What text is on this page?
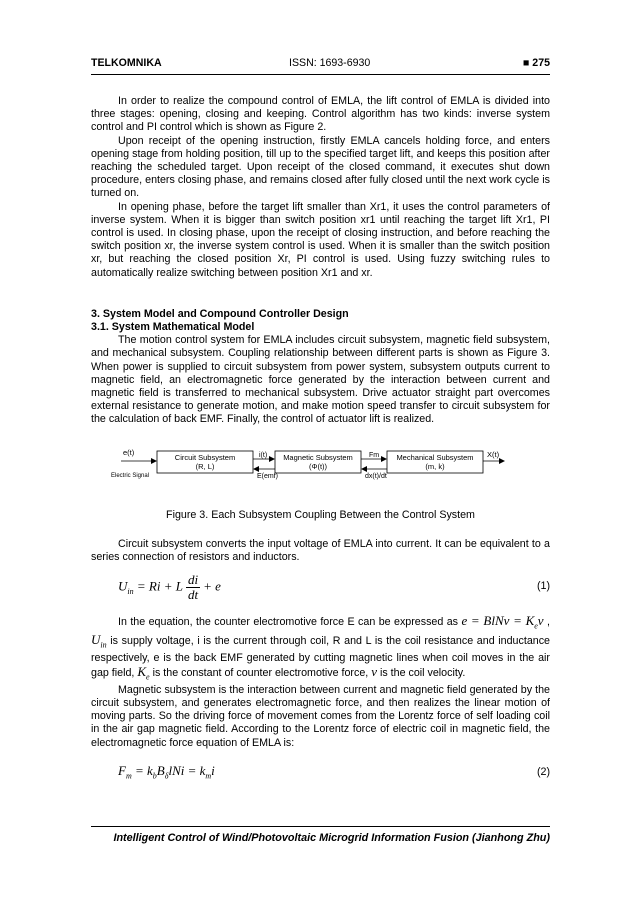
TELKOMNIKA	ISSN: 1693-6930	■ 275

In order to realize the compound control of EMLA, the lift control of EMLA is divided into three stages: opening, closing and keeping. Control algorithm has two kinds: inverse system control and PI control which is shown as Figure 2.

Upon receipt of the opening instruction, firstly EMLA cancels holding force, and enters opening stage from holding position, till up to the specified target lift, and keeps this position after reaching the scheduled target. Upon receipt of the closed command, it executes shut down procedure, enters closing phase, and remains closed after fully closed until the next work cycle is turned on.

In opening phase, before the target lift smaller than Xr1, it uses the control parameters of inverse system. When it is bigger than switch position xr1 until reaching the target lift Xr1, PI control is used. In closing phase, upon the receipt of closing instruction, and before reaching the switch position xr, the inverse system control is used. When it is smaller than the switch position xr, but reaching the closed position Xr, PI control is used. Using fuzzy switching rules to automatically realize switching between position Xr1 and xr.

3. System Model and Compound Controller Design

3.1. System Mathematical Model

The motion control system for EMLA includes circuit subsystem, magnetic field subsystem, and mechanical subsystem. Coupling relationship between different parts is shown as Figure 3. When power is supplied to circuit subsystem from power system, subsystem outputs current to magnetic field, an electromagnetic force generated by the interaction between current and magnetic field is transferred to mechanical subsystem. Drive actuator straight part overcomes external resistance to generate motion, and make motion speed transfer to circuit subsystem for the calculation of back EMF. Finally, the control of actuator lift is realized.

e(t)
Electric Signal
Circuit Subsystem
(R, L)
i(t)
E(emf)
Magnetic Subsystem
(Φ(t))
Fm
dx(t)/dt
Mechanical Subsystem
(m, k)
X(t)

Figure 3. Each Subsystem Coupling Between the Control System

Circuit subsystem converts the input voltage of EMLA into current. It can be equivalent to a series connection of resistors and inductors.

$U_{in} = Ri + L \frac{di}{dt} + e$	(1)

In the equation, the counter electromotive force E can be expressed as e = BlNv = $K_ev$ , $U_{in}$ is supply voltage, i is the current through coil, R and L is the coil resistance and inductance respectively, e is the back EMF generated by cutting magnetic lines when coil moves in the air gap field, $K_e$ is the constant of counter electromotive force, v is the coil velocity.

Magnetic subsystem is the interaction between current and magnetic field generated by the circuit subsystem, and generates electromagnetic force, and then realizes the linear motion of moving parts. So the driving force of movement comes from the Lorentz force of self loading coil in the air gap magnetic field. According to the Lorentz force of electric coil in magnetic field, the electromagnetic force equation of EMLA is:

$F_m = k_bB_\delta lNi = k_mi$	(2)
Intelligent Control of Wind/Photovoltaic Microgrid Information Fusion (Jianhong Zhu)
